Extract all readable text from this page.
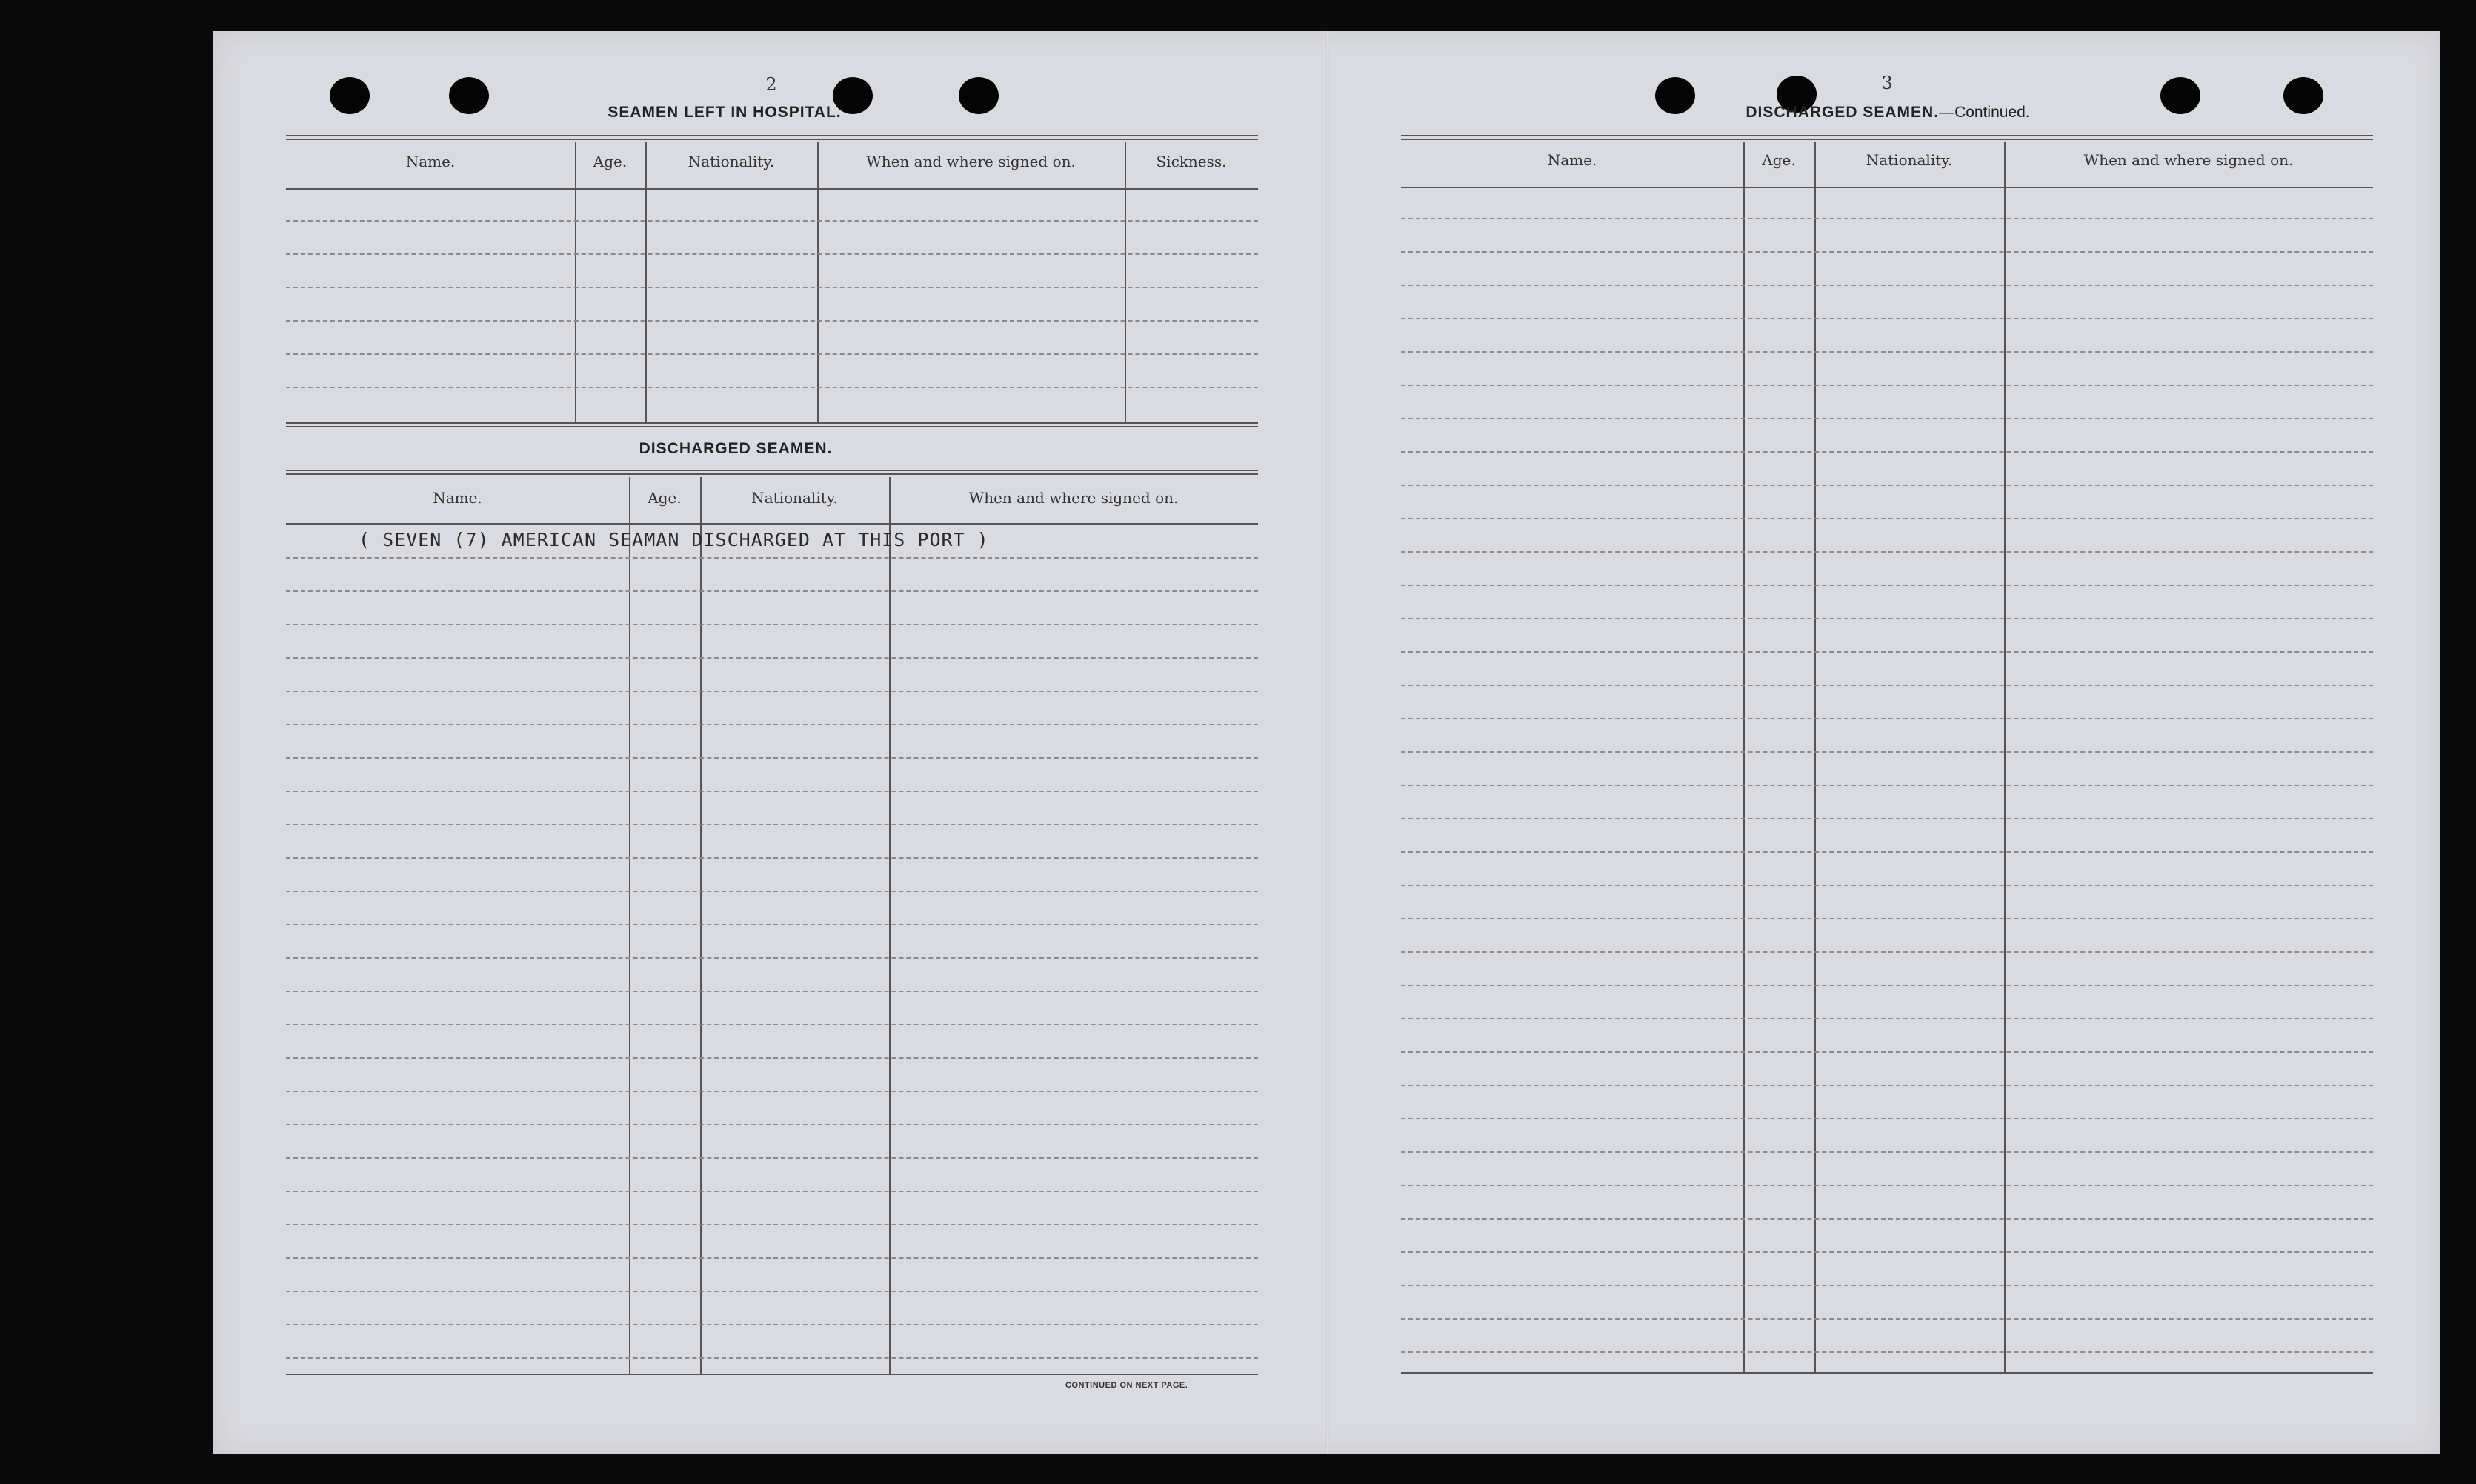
2
SEAMEN LEFT IN HOSPITAL.
Name.	Age.	Nationality.	When and where signed on.	Sickness.
DISCHARGED SEAMEN.
Name.	Age.	Nationality.	When and where signed on.
( SEVEN (7) AMERICAN SEAMAN DISCHARGED AT THIS PORT )
CONTINUED ON NEXT PAGE.
3
DISCHARGED SEAMEN.—Continued.
Name.	Age.	Nationality.	When and where signed on.
